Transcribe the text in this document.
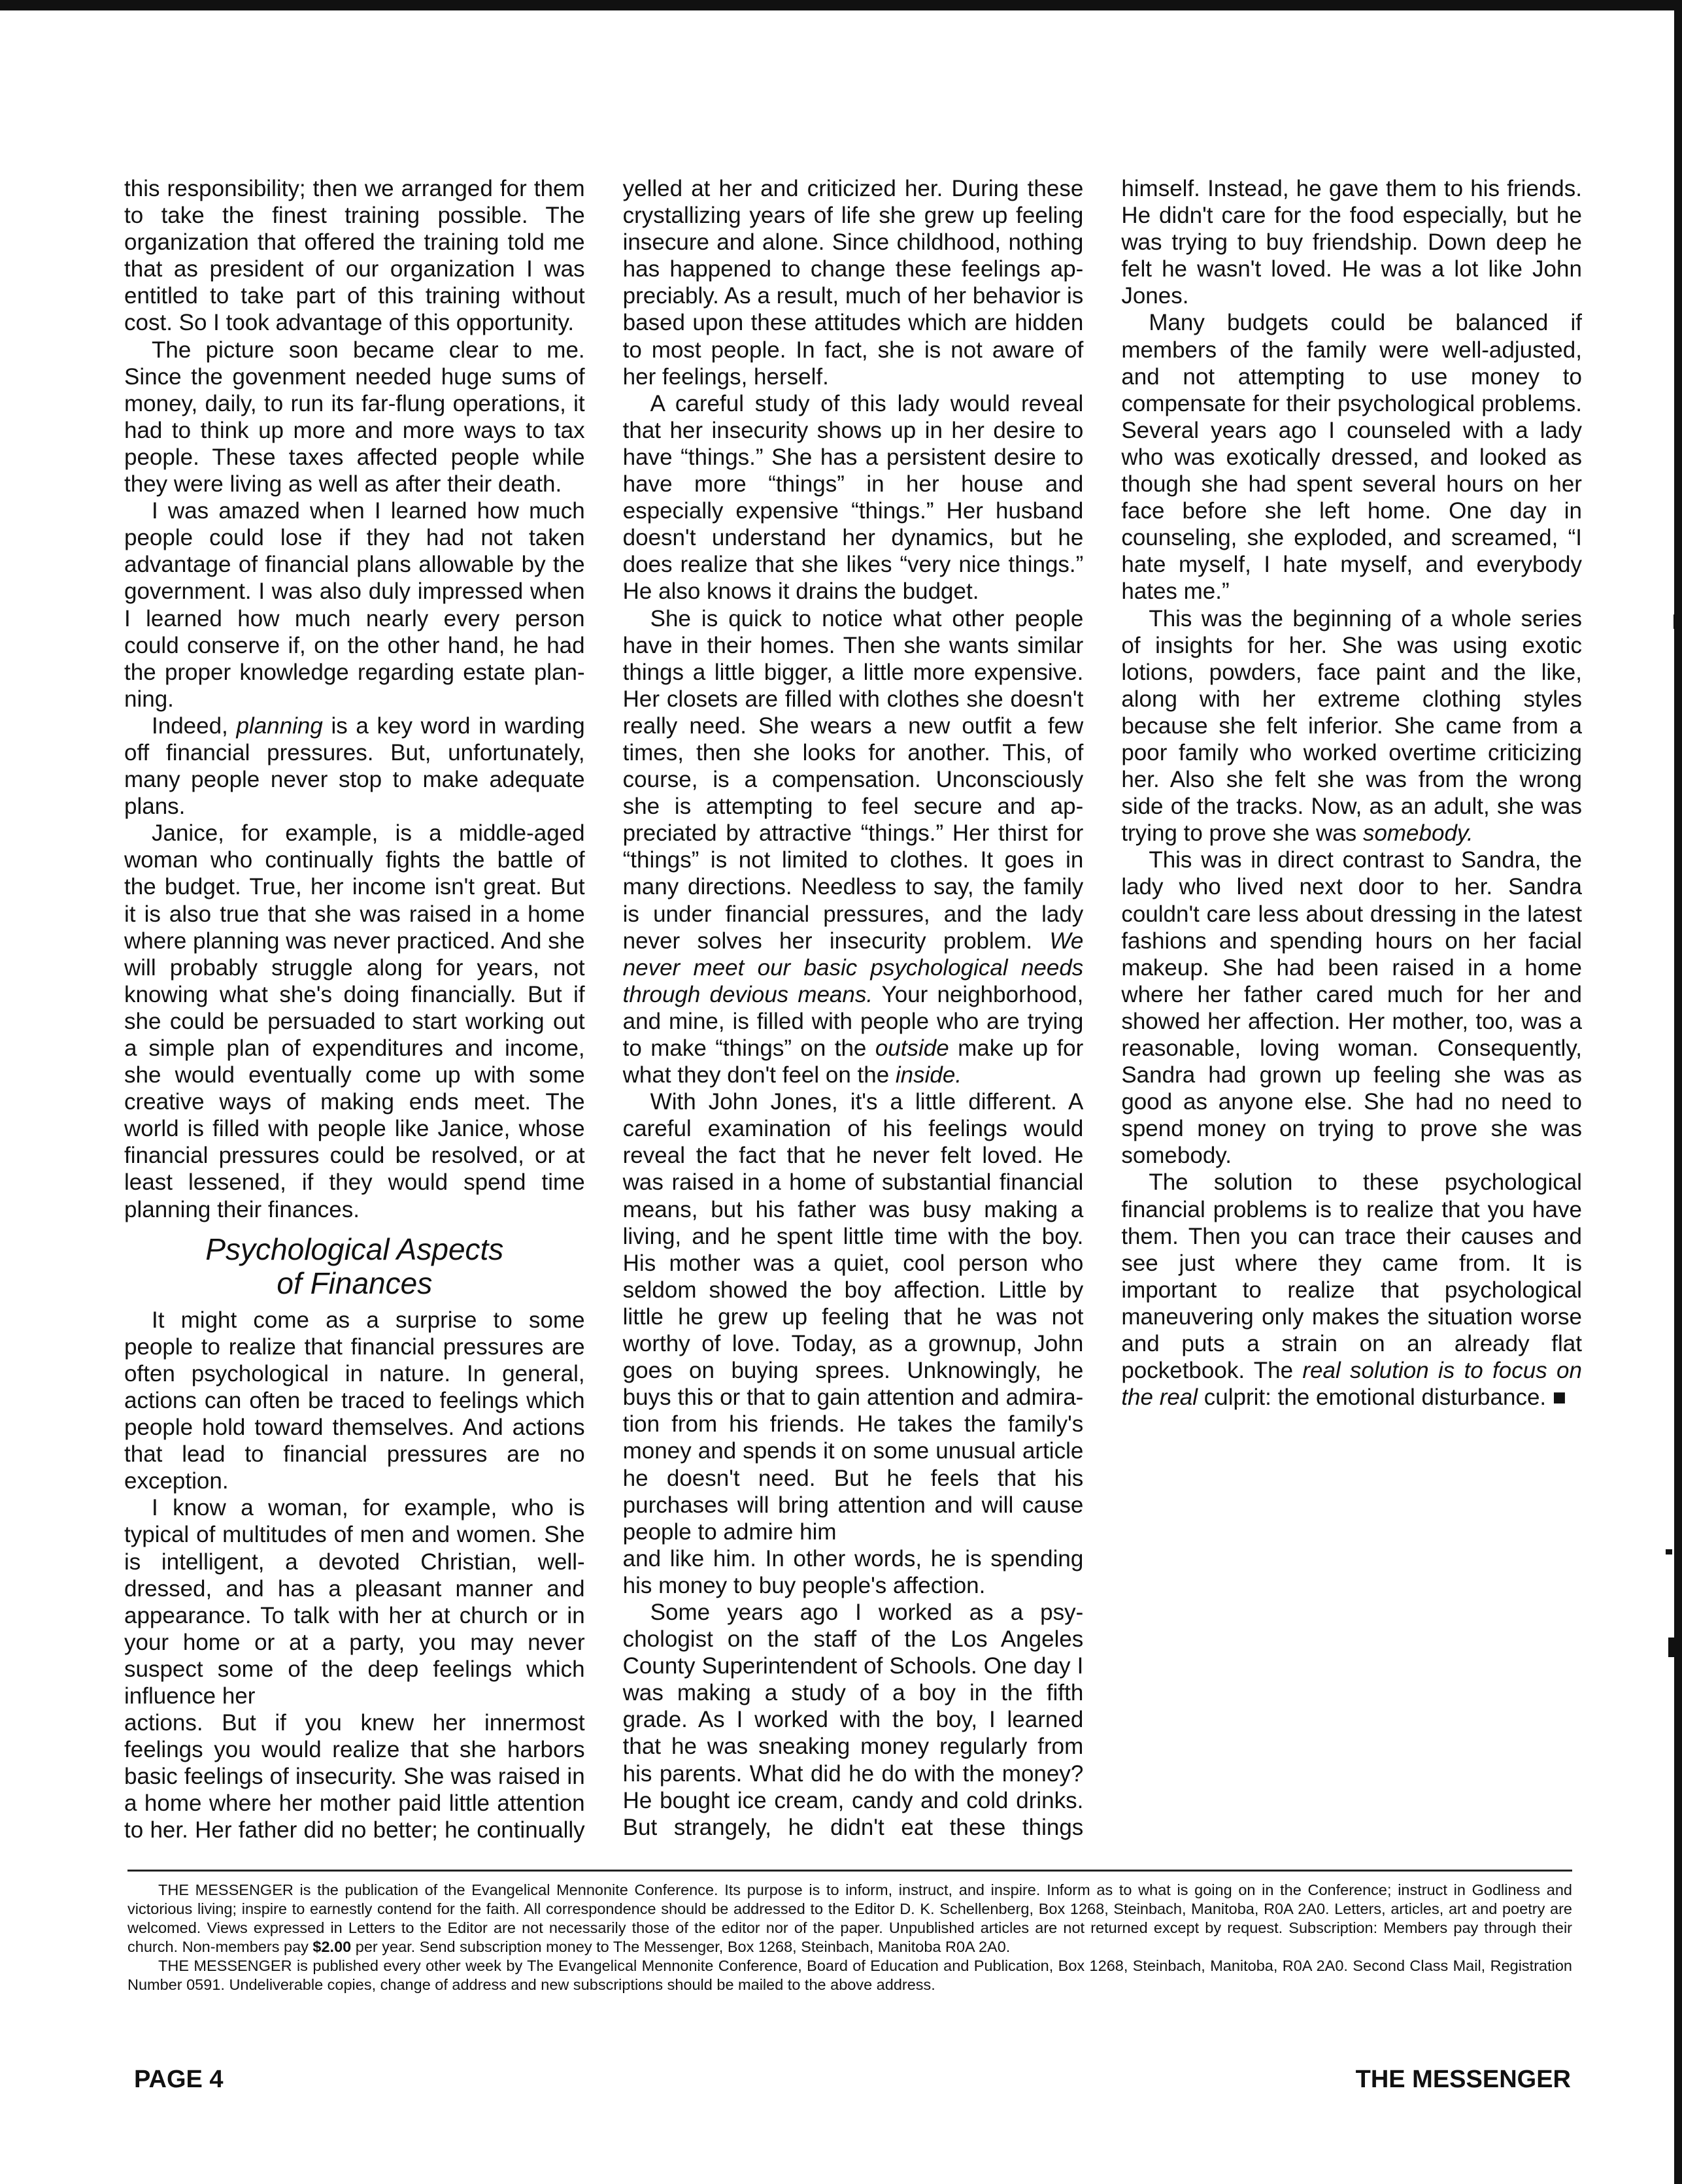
this responsibility; then we arranged for them to take the finest training possible. The organization that offered the training told me that as president of our organization I was entitled to take part of this training without cost. So I took advantage of this opportunity.

The picture soon became clear to me. Since the govenment needed huge sums of money, daily, to run its far-flung operations, it had to think up more and more ways to tax people. These taxes affected people while they were living as well as after their death.

I was amazed when I learned how much people could lose if they had not taken advantage of financial plans allowable by the government. I was also duly impressed when I learned how much nearly every person could conserve if, on the other hand, he had the proper knowledge regarding estate planning.

Indeed, planning is a key word in warding off financial pressures. But, unfortunately, many people never stop to make adequate plans.

Janice, for example, is a middle-aged woman who continually fights the battle of the budget. True, her income isn't great. But it is also true that she was raised in a home where planning was never practiced. And she will probably struggle along for years, not knowing what she's doing financially. But if she could be persuaded to start working out a simple plan of expenditures and income, she would eventually come up with some creative ways of making ends meet. The world is filled with people like Janice, whose financial pressures could be resolved, or at least lessened, if they would spend time planning their finances.

Psychological Aspects
of Finances

It might come as a surprise to some people to realize that financial pressures are often psychological in nature. In general, actions can often be traced to feelings which people hold toward themselves. And actions that lead to financial pressures are no exception.

I know a woman, for example, who is typical of multitudes of men and women. She is intelligent, a devoted Christian, well-dressed, and has a pleasant manner and appearance. To talk with her at church or in your home or at a party, you may never suspect some of the deep feelings which influence her

actions. But if you knew her innermost feelings you would realize that she harbors basic feelings of insecurity. She was raised in a home where her mother paid little attention to her. Her father did no better; he continually yelled at her and criticized her. During these crystallizing years of life she grew up feeling insecure and alone. Since childhood, nothing has happened to change these feelings appreciably. As a result, much of her behavior is based upon these attitudes which are hidden to most people. In fact, she is not aware of her feelings, herself.

A careful study of this lady would reveal that her insecurity shows up in her desire to have “things.” She has a persistent desire to have more “things” in her house and especially expensive “things.” Her husband doesn't understand her dynamics, but he does realize that she likes “very nice things.” He also knows it drains the budget.

She is quick to notice what other people have in their homes. Then she wants similar things a little bigger, a little more expensive. Her closets are filled with clothes she doesn't really need. She wears a new outfit a few times, then she looks for another. This, of course, is a compensation. Unconsciously she is attempting to feel secure and appreciated by attractive “things.” Her thirst for “things” is not limited to clothes. It goes in many directions. Needless to say, the family is under financial pressures, and the lady never solves her insecurity problem. We never meet our basic psychological needs through devious means. Your neighborhood, and mine, is filled with people who are trying to make “things” on the outside make up for what they don't feel on the inside.

With John Jones, it's a little different. A careful examination of his feelings would reveal the fact that he never felt loved. He was raised in a home of substantial financial means, but his father was busy making a living, and he spent little time with the boy. His mother was a quiet, cool person who seldom showed the boy affection. Little by little he grew up feeling that he was not worthy of love. Today, as a grownup, John goes on buying sprees. Unknowingly, he buys this or that to gain attention and admiration from his friends. He takes the family's money and spends it on some unusual article he doesn't need. But he feels that his purchases will bring attention and will cause people to admire him

and like him. In other words, he is spending his money to buy people's affection.

Some years ago I worked as a psychologist on the staff of the Los Angeles County Superintendent of Schools. One day I was making a study of a boy in the fifth grade. As I worked with the boy, I learned that he was sneaking money regularly from his parents. What did he do with the money? He bought ice cream, candy and cold drinks. But strangely, he didn't eat these things himself. Instead, he gave them to his friends. He didn't care for the food especially, but he was trying to buy friendship. Down deep he felt he wasn't loved. He was a lot like John Jones.

Many budgets could be balanced if members of the family were well-adjusted, and not attempting to use money to compensate for their psychological problems. Several years ago I counseled with a lady who was exotically dressed, and looked as though she had spent several hours on her face before she left home. One day in counseling, she exploded, and screamed, “I hate myself, I hate myself, and everybody hates me.”

This was the beginning of a whole series of insights for her. She was using exotic lotions, powders, face paint and the like, along with her extreme clothing styles because she felt inferior. She came from a poor family who worked overtime criticizing her. Also she felt she was from the wrong side of the tracks. Now, as an adult, she was trying to prove she was somebody.

This was in direct contrast to Sandra, the lady who lived next door to her. Sandra couldn't care less about dressing in the latest fashions and spending hours on her facial makeup. She had been raised in a home where her father cared much for her and showed her affection. Her mother, too, was a reasonable, loving woman. Consequently, Sandra had grown up feeling she was as good as anyone else. She had no need to spend money on trying to prove she was somebody.

The solution to these psychological financial problems is to realize that you have them. Then you can trace their causes and see just where they came from. It is important to realize that psychological maneuvering only makes the situation worse and puts a strain on an already flat pocketbook. The real solution is to focus on the real culprit: the emotional disturbance. ■

THE MESSENGER is the publication of the Evangelical Mennonite Conference. Its purpose is to inform, instruct, and inspire. Inform as to what is going on in the Conference; instruct in Godliness and victorious living; inspire to earnestly contend for the faith. All correspondence should be addressed to the Editor D. K. Schellenberg, Box 1268, Steinbach, Manitoba, R0A 2A0. Letters, articles, art and poetry are welcomed. Views expressed in Letters to the Editor are not necessarily those of the editor nor of the paper. Unpublished articles are not returned except by request. Subscription: Members pay through their church. Non-members pay $2.00 per year. Send subscription money to The Messenger, Box 1268, Steinbach, Manitoba R0A 2A0.

THE MESSENGER is published every other week by The Evangelical Mennonite Conference, Board of Education and Publication, Box 1268, Steinbach, Manitoba, R0A 2A0. Second Class Mail, Registration Number 0591. Undeliverable copies, change of address and new subscriptions should be mailed to the above address.

PAGE 4	THE MESSENGER
